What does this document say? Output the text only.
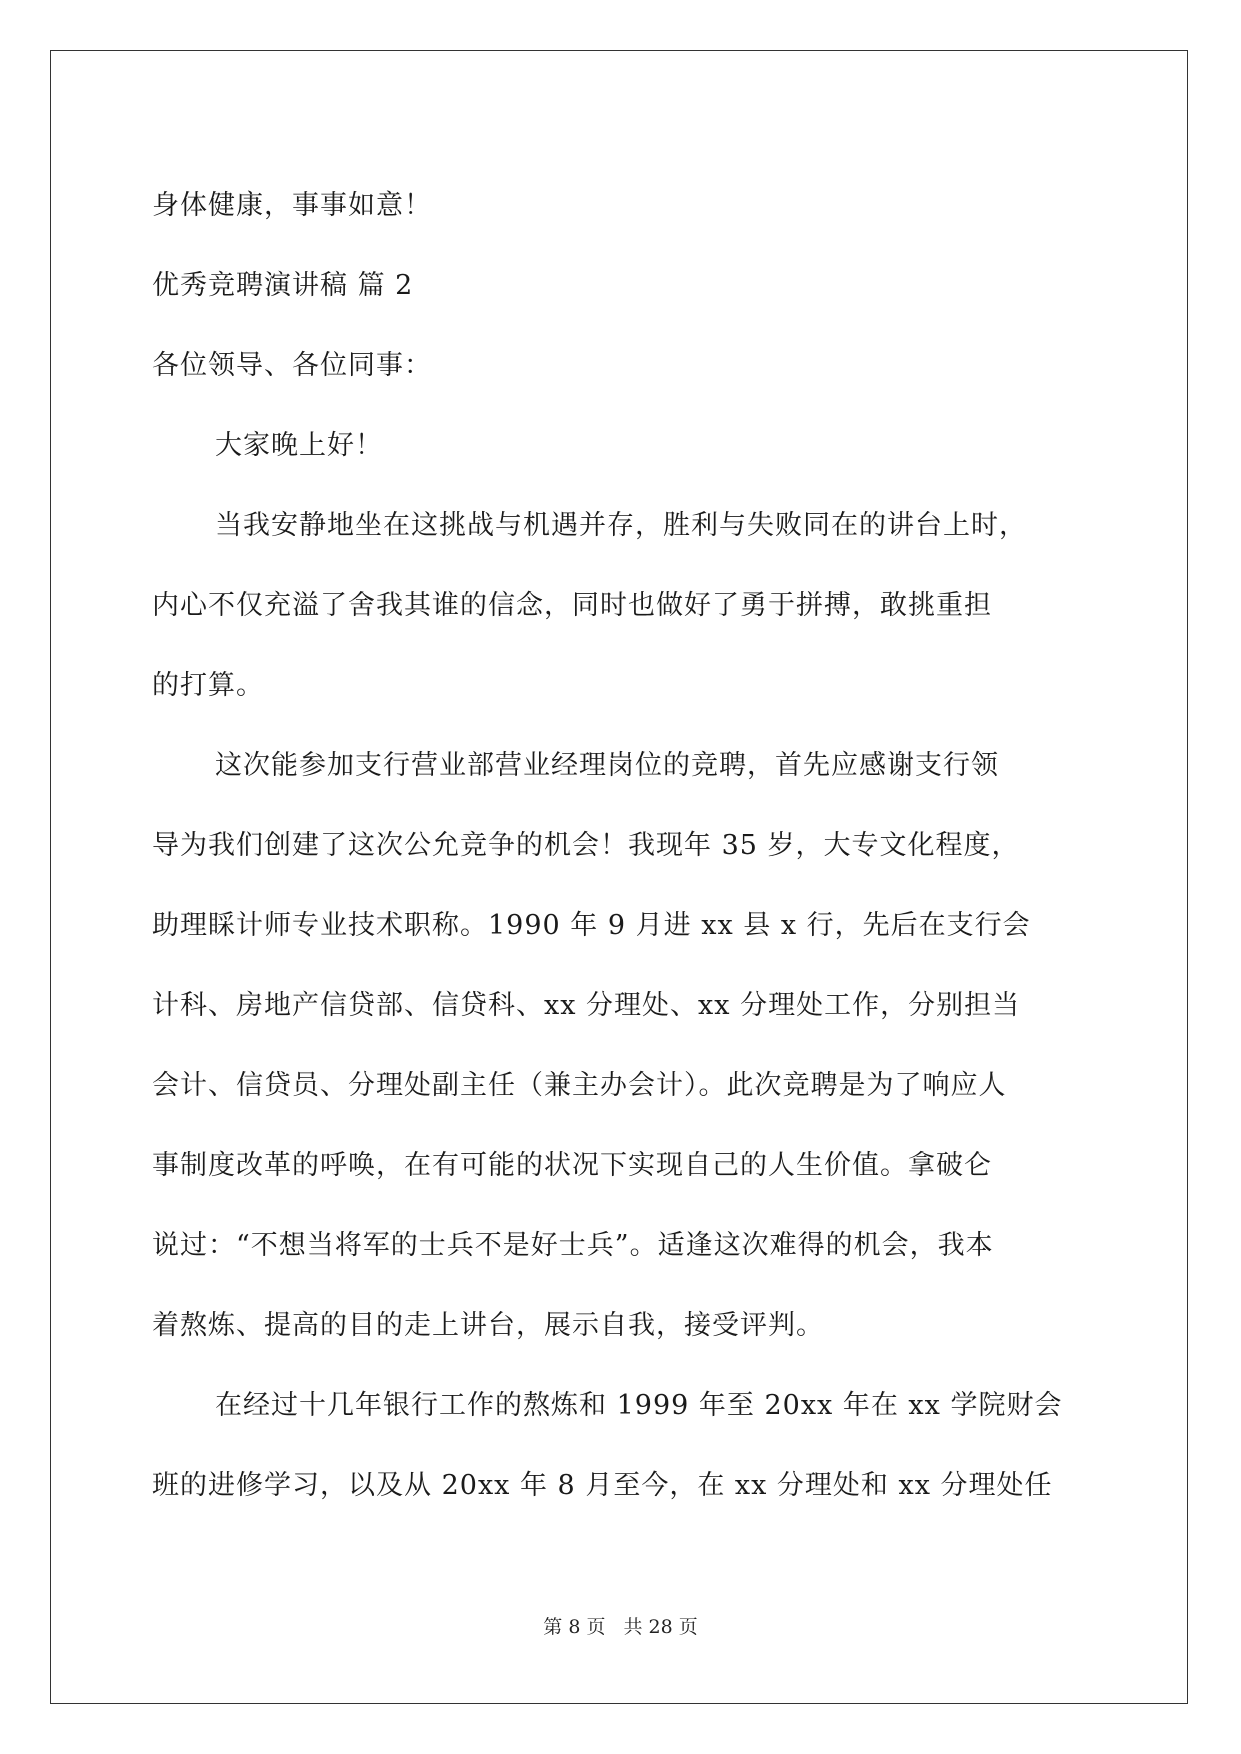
身体健康，事事如意！
优秀竞聘演讲稿 篇 2
各位领导、各位同事：
大家晚上好！
当我安静地坐在这挑战与机遇并存，胜利与失败同在的讲台上时，
内心不仅充溢了舍我其谁的信念，同时也做好了勇于拼搏，敢挑重担
的打算。
这次能参加支行营业部营业经理岗位的竞聘，首先应感谢支行领
导为我们创建了这次公允竞争的机会！我现年 35 岁，大专文化程度，
助理睬计师专业技术职称。1990 年 9 月进 xx 县 x 行，先后在支行会
计科、房地产信贷部、信贷科、xx 分理处、xx 分理处工作，分别担当
会计、信贷员、分理处副主任（兼主办会计）。此次竞聘是为了响应人
事制度改革的呼唤，在有可能的状况下实现自己的人生价值。拿破仑
说过：“不想当将军的士兵不是好士兵”。适逢这次难得的机会，我本
着熬炼、提高的目的走上讲台，展示自我，接受评判。
在经过十几年银行工作的熬炼和 1999 年至 20xx 年在 xx 学院财会
班的进修学习，以及从 20xx 年 8 月至今，在 xx 分理处和 xx 分理处任
第 8 页 共 28 页
